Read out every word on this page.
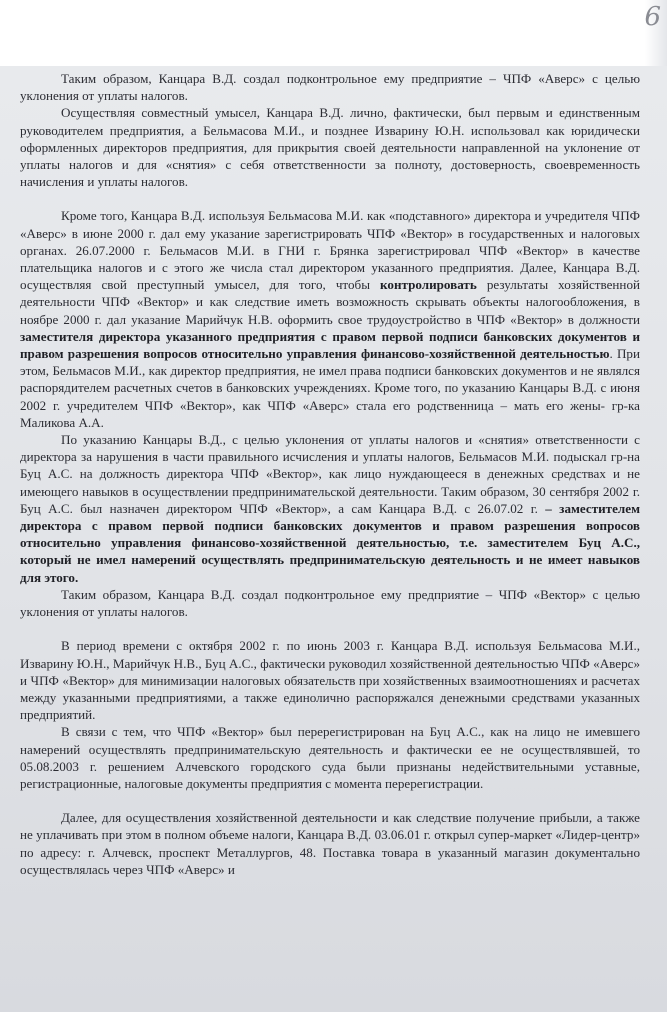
6

Таким образом, Канцара В.Д. создал подконтрольное ему предприятие – ЧПФ «Аверс» с целью уклонения от уплаты налогов.

Осуществляя совместный умысел, Канцара В.Д. лично, фактически, был первым и единственным руководителем предприятия, а Бельмасова М.И., и позднее Изварину Ю.Н. использовал как юридически оформленных директоров предприятия, для прикрытия своей деятельности направленной на уклонение от уплаты налогов и для «снятия» с себя ответственности за полноту, достоверность, своевременность начисления и уплаты налогов.

Кроме того, Канцара В.Д. используя Бельмасова М.И. как «подставного» директора и учредителя ЧПФ «Аверс» в июне 2000 г. дал ему указание зарегистрировать ЧПФ «Вектор» в государственных и налоговых органах. 26.07.2000 г. Бельмасов М.И. в ГНИ г. Брянка зарегистрировал ЧПФ «Вектор» в качестве плательщика налогов и с этого же числа стал директором указанного предприятия. Далее, Канцара В.Д. осуществляя свой преступный умысел, для того, чтобы контролировать результаты хозяйственной деятельности ЧПФ «Вектор» и как следствие иметь возможность скрывать объекты налогообложения, в ноябре 2000 г. дал указание Марийчук Н.В. оформить свое трудоустройство в ЧПФ «Вектор» в должности заместителя директора указанного предприятия с правом первой подписи банковских документов и правом разрешения вопросов относительно управления финансово-хозяйственной деятельностью. При этом, Бельмасов М.И., как директор предприятия, не имел права подписи банковских документов и не являлся распорядителем расчетных счетов в банковских учреждениях. Кроме того, по указанию Канцары В.Д. с июня 2002 г. учредителем ЧПФ «Вектор», как ЧПФ «Аверс» стала его родственница – мать его жены- гр-ка Маликова А.А.

По указанию Канцары В.Д., с целью уклонения от уплаты налогов и «снятия» ответственности с директора за нарушения в части правильного исчисления и уплаты налогов, Бельмасов М.И. подыскал гр-на Буц А.С. на должность директора ЧПФ «Вектор», как лицо нуждающееся в денежных средствах и не имеющего навыков в осуществлении предпринимательской деятельности. Таким образом, 30 сентября 2002 г. Буц А.С. был назначен директором ЧПФ «Вектор», а сам Канцара В.Д. с 26.07.02 г. – заместителем директора с правом первой подписи банковских документов и правом разрешения вопросов относительно управления финансово-хозяйственной деятельностью, т.е. заместителем Буц А.С., который не имел намерений осуществлять предпринимательскую деятельность и не имеет навыков для этого.

Таким образом, Канцара В.Д. создал подконтрольное ему предприятие – ЧПФ «Вектор» с целью уклонения от уплаты налогов.

В период времени с октября 2002 г. по июнь 2003 г. Канцара В.Д. используя Бельмасова М.И., Изварину Ю.Н., Марийчук Н.В., Буц А.С., фактически руководил хозяйственной деятельностью ЧПФ «Аверс» и ЧПФ «Вектор» для минимизации налоговых обязательств при хозяйственных взаимоотношениях и расчетах между указанными предприятиями, а также единолично распоряжался денежными средствами указанных предприятий.

В связи с тем, что ЧПФ «Вектор» был перерегистрирован на Буц А.С., как на лицо не имевшего намерений осуществлять предпринимательскую деятельность и фактически ее не осуществлявшей, то 05.08.2003 г. решением Алчевского городского суда были признаны недействительными уставные, регистрационные, налоговые документы предприятия с момента перерегистрации.

Далее, для осуществления хозяйственной деятельности и как следствие получение прибыли, а также не уплачивать при этом в полном объеме налоги, Канцара В.Д. 03.06.01 г. открыл супер-маркет «Лидер-центр» по адресу: г. Алчевск, проспект Металлургов, 48. Поставка товара в указанный магазин документально осуществлялась через ЧПФ «Аверс» и
